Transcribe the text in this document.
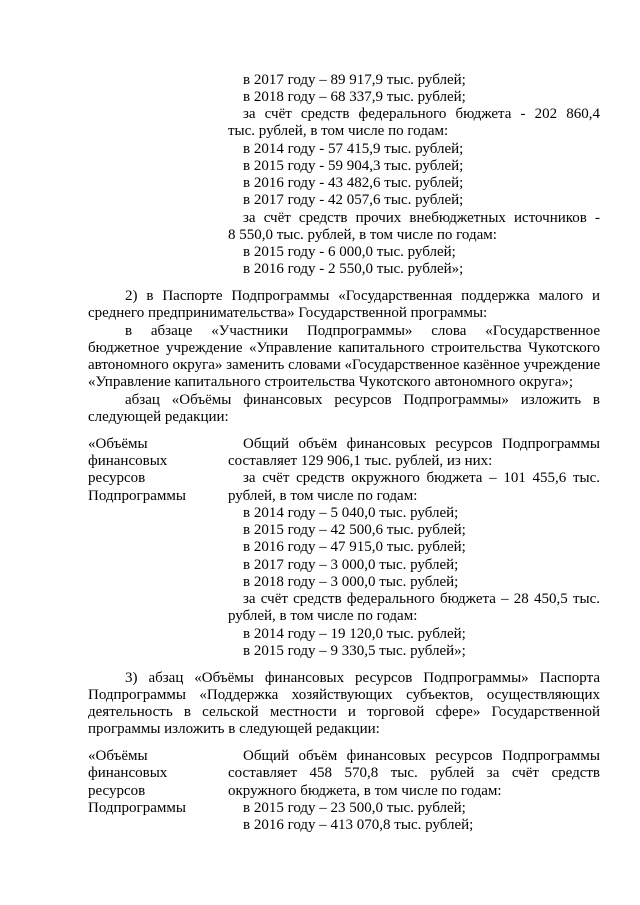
в 2017 году – 89 917,9 тыс. рублей;
в 2018 году – 68 337,9 тыс. рублей;
за счёт средств федерального бюджета - 202 860,4
тыс. рублей, в том числе по годам:
в 2014 году - 57 415,9 тыс. рублей;
в 2015 году - 59 904,3 тыс. рублей;
в 2016 году - 43 482,6 тыс. рублей;
в 2017 году - 42 057,6 тыс. рублей;
за счёт средств прочих внебюджетных источников -
8 550,0 тыс. рублей, в том числе по годам:
в 2015 году - 6 000,0 тыс. рублей;
в 2016 году - 2 550,0 тыс. рублей»;
2) в Паспорте Подпрограммы «Государственная поддержка малого и
среднего предпринимательства» Государственной программы:
в абзаце «Участники Подпрограммы» слова «Государственное
бюджетное учреждение «Управление капитального строительства Чукотского
автономного округа» заменить словами «Государственное казённое учреждение
«Управление капитального строительства Чукотского автономного округа»;
абзац «Объёмы финансовых ресурсов Подпрограммы» изложить в
следующей редакции:
«Объёмы
финансовых
ресурсов
Подпрограммы
Общий объём финансовых ресурсов Подпрограммы
составляет 129 906,1 тыс. рублей, из них:
за счёт средств окружного бюджета – 101 455,6 тыс.
рублей, в том числе по годам:
в 2014 году – 5 040,0 тыс. рублей;
в 2015 году – 42 500,6 тыс. рублей;
в 2016 году – 47 915,0 тыс. рублей;
в 2017 году – 3 000,0 тыс. рублей;
в 2018 году – 3 000,0 тыс. рублей;
за счёт средств федерального бюджета – 28 450,5 тыс.
рублей, в том числе по годам:
в 2014 году – 19 120,0 тыс. рублей;
в 2015 году – 9 330,5 тыс. рублей»;
3) абзац «Объёмы финансовых ресурсов Подпрограммы» Паспорта
Подпрограммы «Поддержка хозяйствующих субъектов, осуществляющих
деятельность в сельской местности и торговой сфере» Государственной
программы изложить в следующей редакции:
«Объёмы
финансовых
ресурсов
Подпрограммы
Общий объём финансовых ресурсов Подпрограммы
составляет 458 570,8 тыс. рублей за счёт средств
окружного бюджета, в том числе по годам:
в 2015 году – 23 500,0 тыс. рублей;
в 2016 году – 413 070,8 тыс. рублей;
